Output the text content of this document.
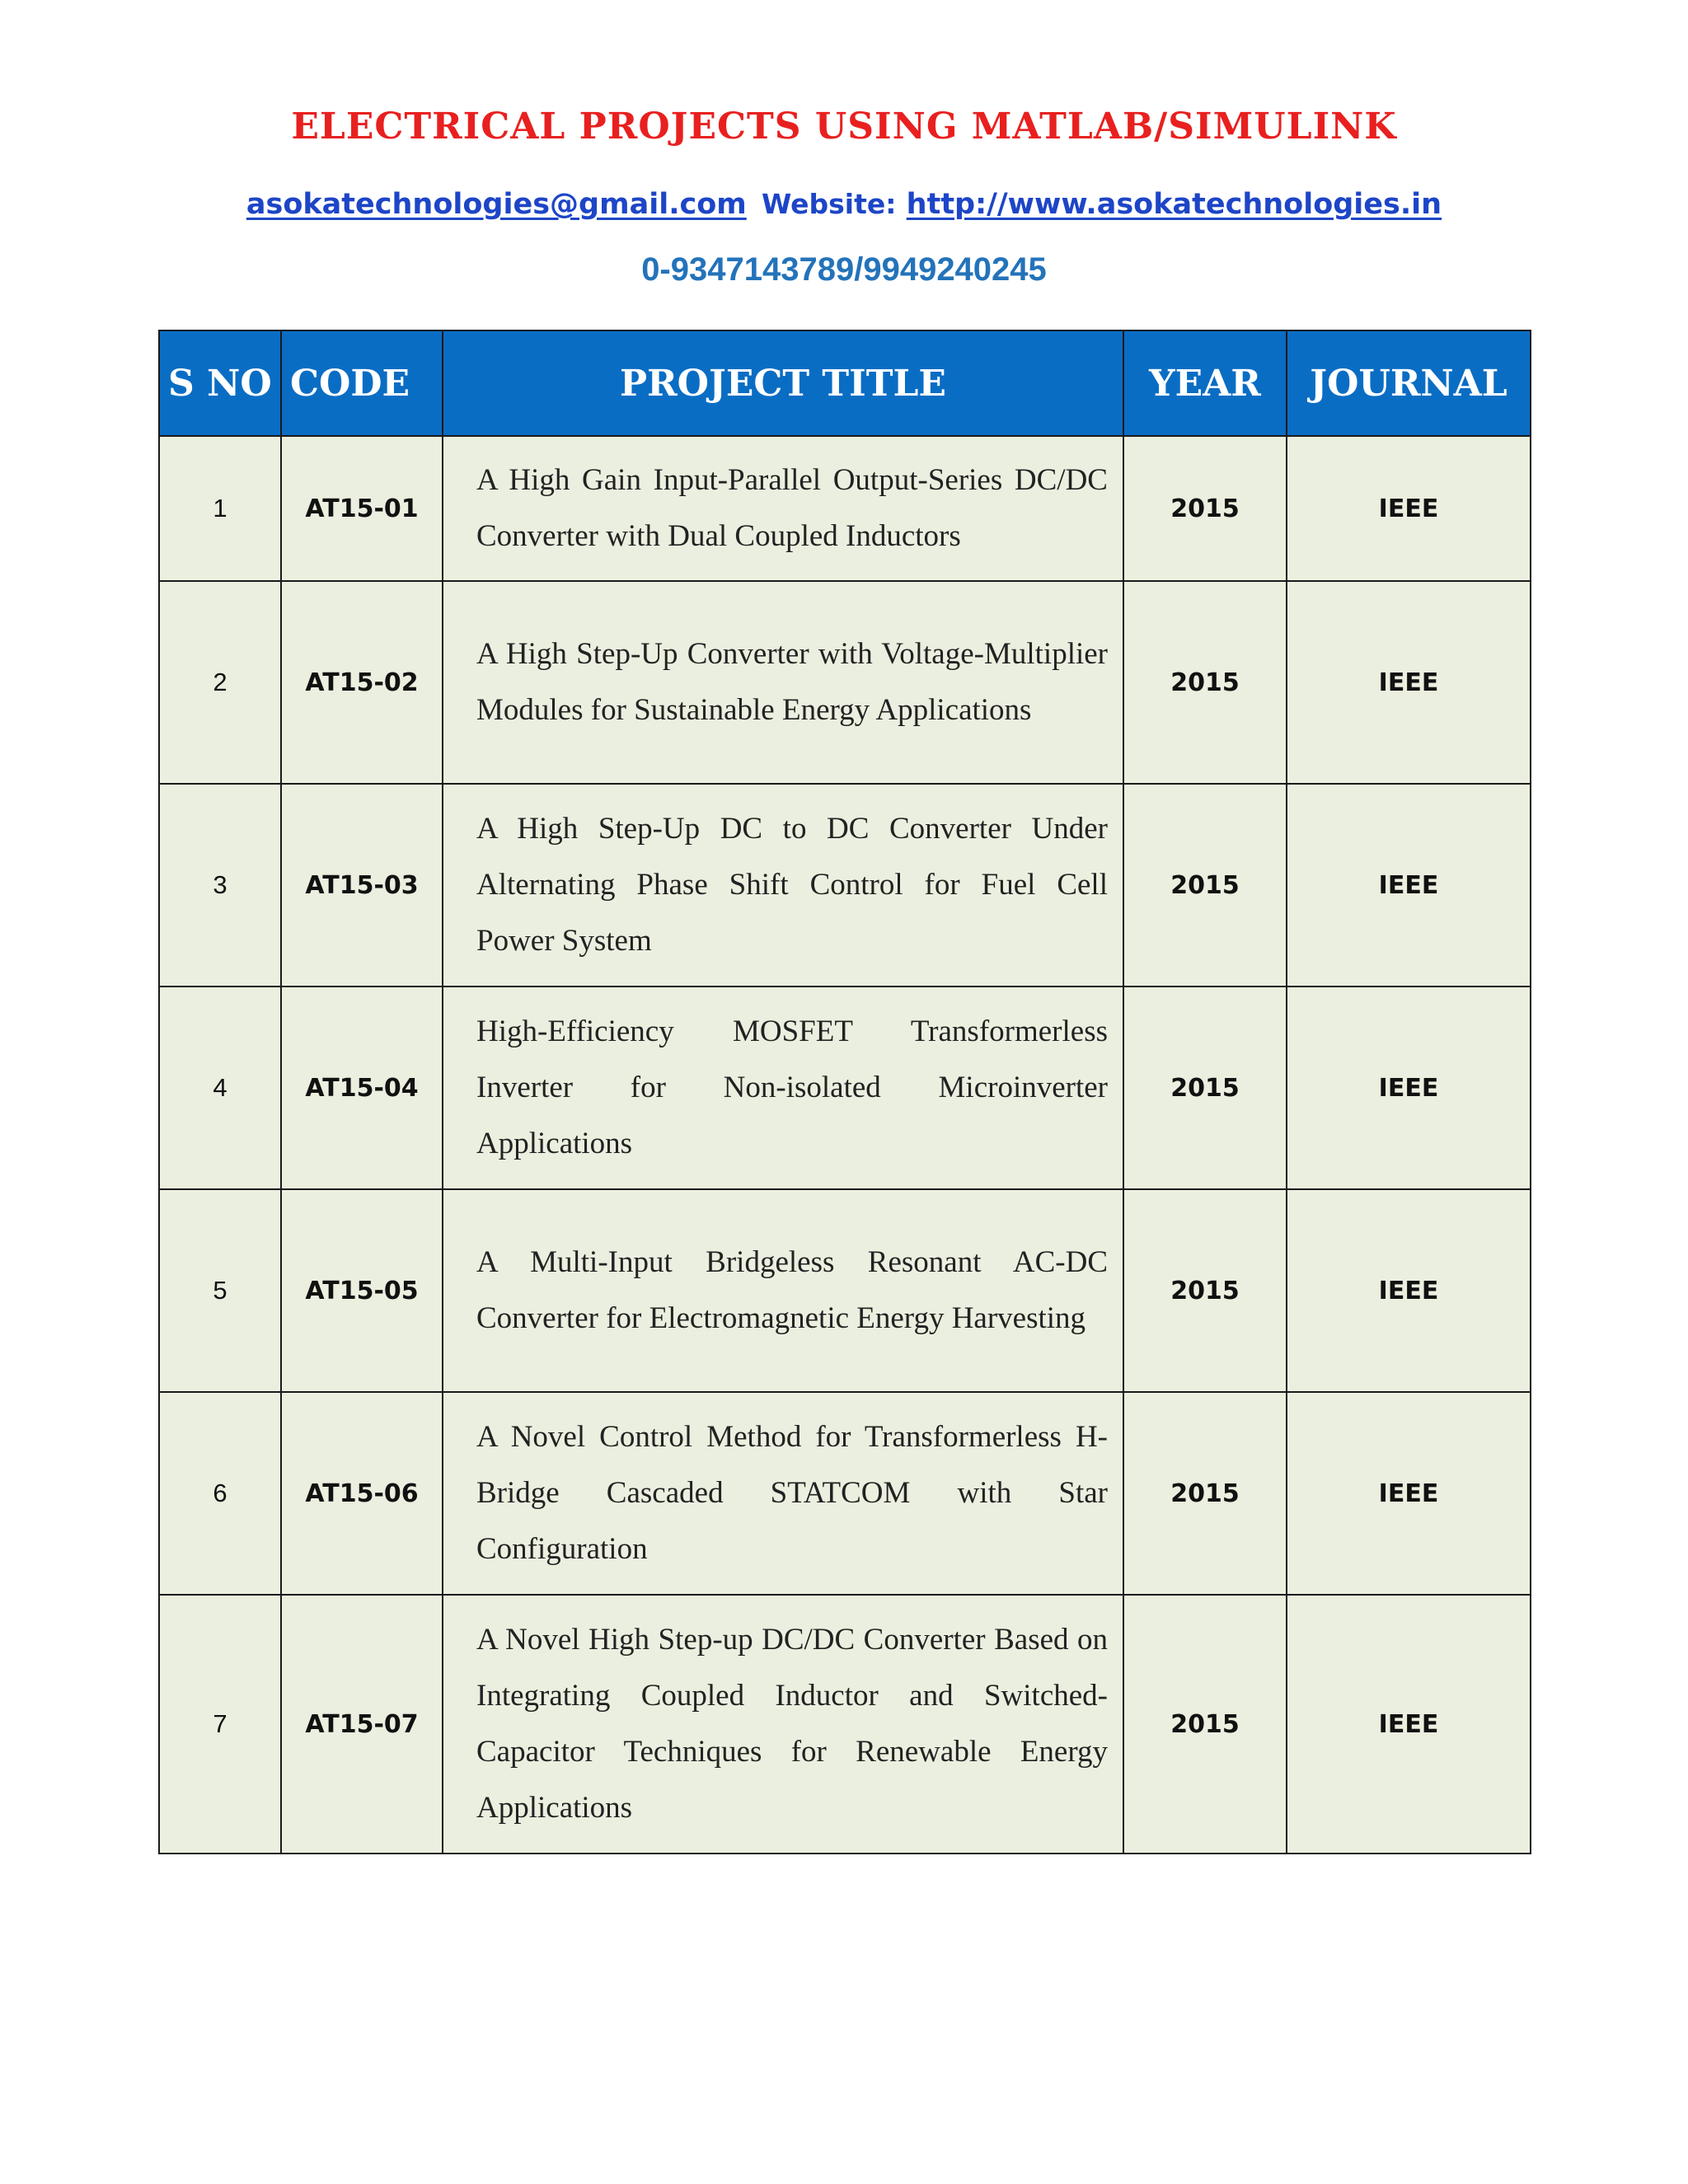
ELECTRICAL PROJECTS USING MATLAB/SIMULINK
asokatechnologies@gmail.com Website: http://www.asokatechnologies.in
0-9347143789/9949240245
S NO	CODE	PROJECT TITLE	YEAR	JOURNAL
1	AT15-01	A High Gain Input-Parallel Output-Series DC/DC Converter with Dual Coupled Inductors	2015	IEEE
2	AT15-02	A High Step-Up Converter with Voltage-Multiplier Modules for Sustainable Energy Applications	2015	IEEE
3	AT15-03	A High Step-Up DC to DC Converter Under Alternating Phase Shift Control for Fuel Cell Power System	2015	IEEE
4	AT15-04	High-Efficiency MOSFET Transformerless Inverter for Non-isolated Microinverter Applications	2015	IEEE
5	AT15-05	A Multi-Input Bridgeless Resonant AC-DC Converter for Electromagnetic Energy Harvesting	2015	IEEE
6	AT15-06	A Novel Control Method for Transformerless H-Bridge Cascaded STATCOM with Star Configuration	2015	IEEE
7	AT15-07	A Novel High Step-up DC/DC Converter Based on Integrating Coupled Inductor and Switched-Capacitor Techniques for Renewable Energy Applications	2015	IEEE
